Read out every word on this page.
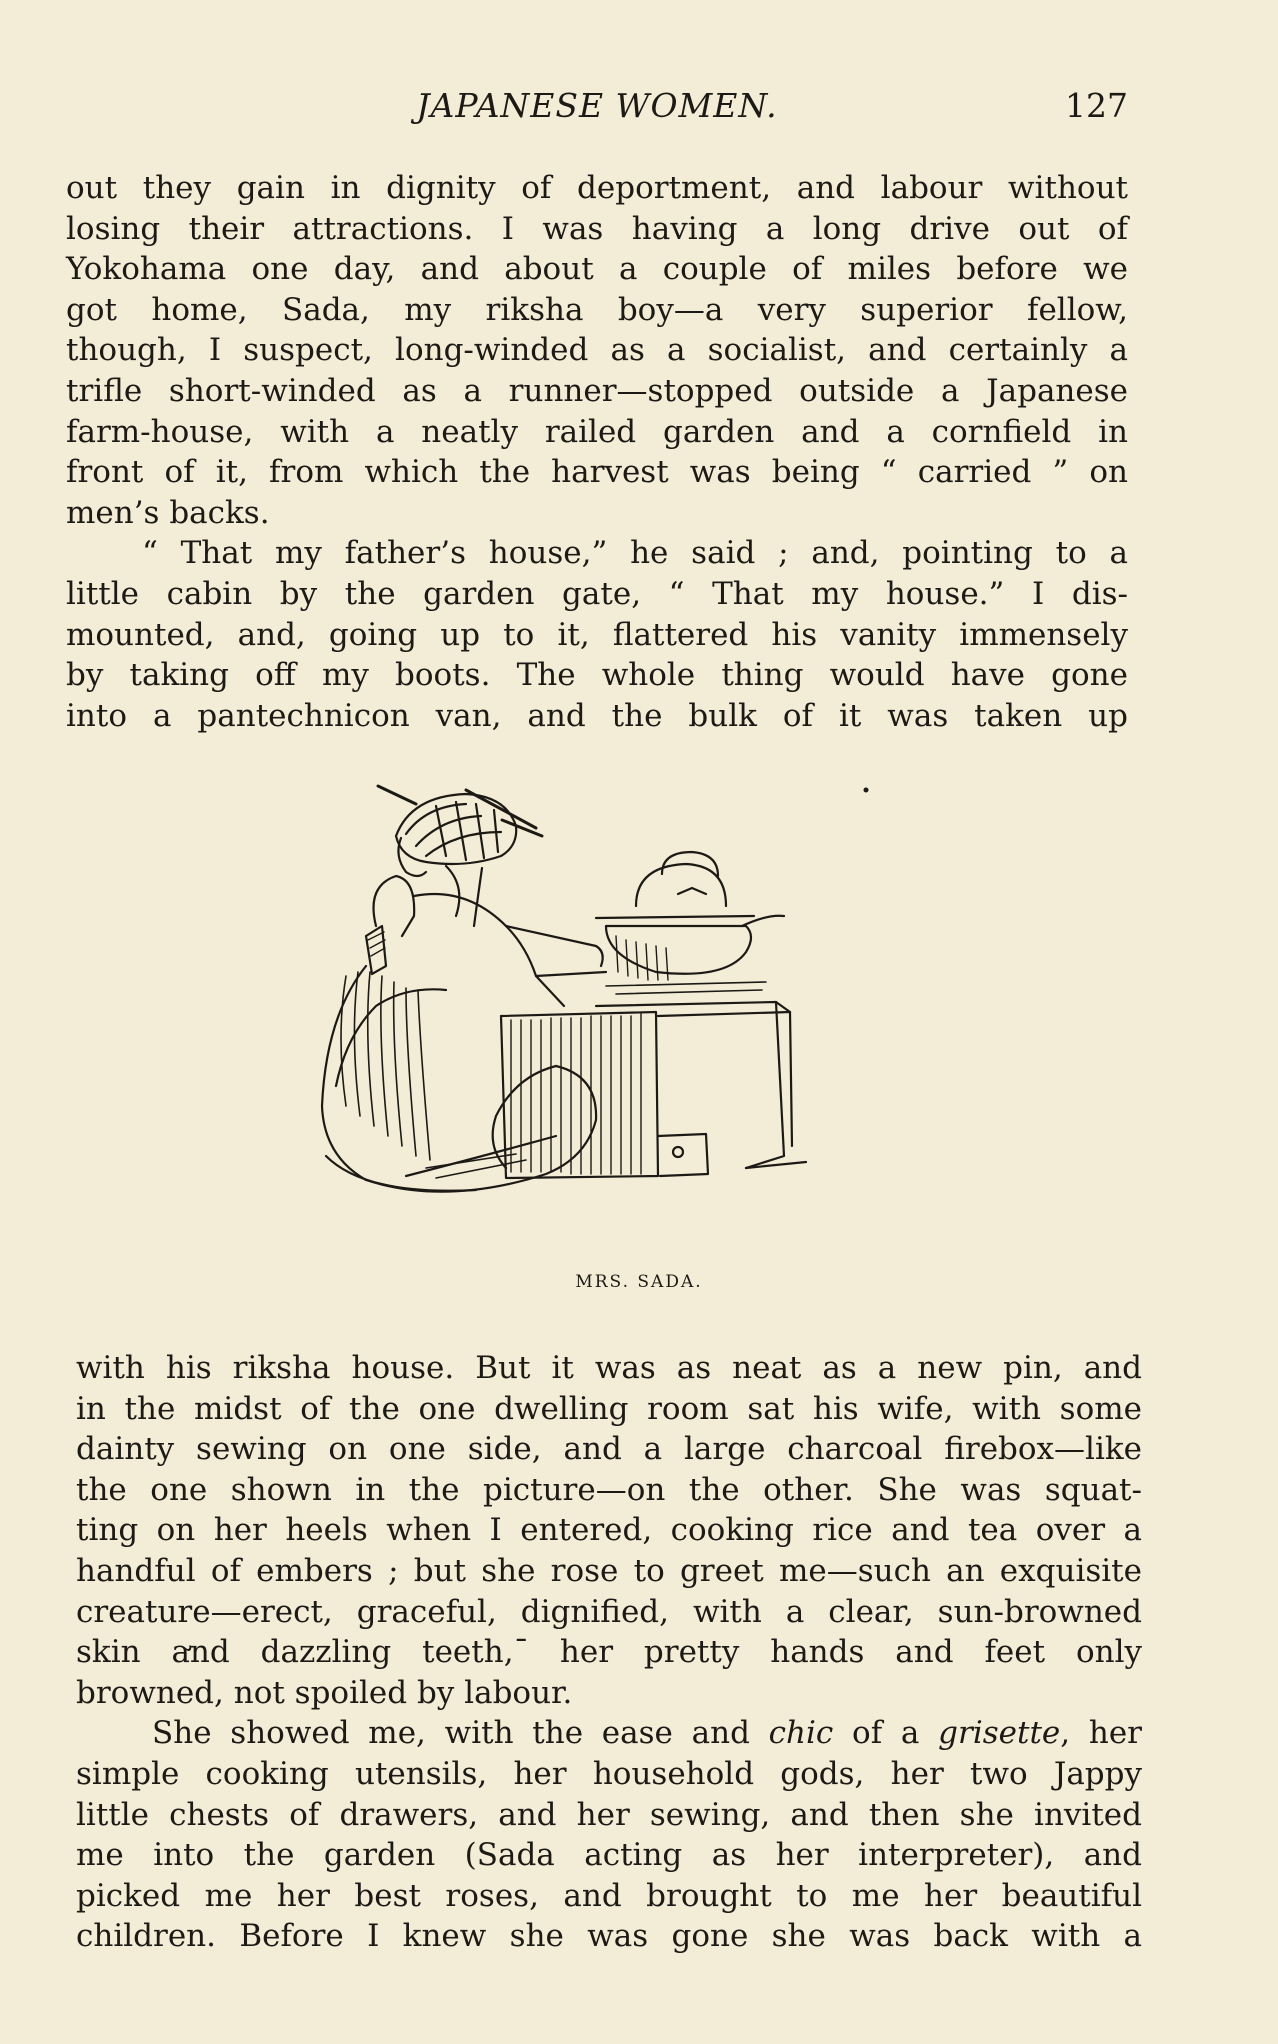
JAPANESE WOMEN.	127
out they gain in dignity of deportment, and labour without
losing their attractions. I was having a long drive out of
Yokohama one day, and about a couple of miles before we
got home, Sada, my riksha boy—a very superior fellow,
though, I suspect, long-winded as a socialist, and certainly a
trifle short-winded as a runner—stopped outside a Japanese
farm-house, with a neatly railed garden and a cornfield in
front of it, from which the harvest was being “ carried ” on
men’s backs.
“ That my father’s house,” he said ; and, pointing to a
little cabin by the garden gate, “ That my house.” I dis-
mounted, and, going up to it, flattered his vanity immensely
by taking off my boots. The whole thing would have gone
into a pantechnicon van, and the bulk of it was taken up
MRS. SADA.
with his riksha house. But it was as neat as a new pin, and
in the midst of the one dwelling room sat his wife, with some
dainty sewing on one side, and a large charcoal firebox—like
the one shown in the picture—on the other. She was squat-
ting on her heels when I entered, cooking rice and tea over a
handful of embers ; but she rose to greet me—such an exquisite
creature—erect, graceful, dignified, with a clear, sun-browned
skin a̛nd dazzling teeth,ˉ her pretty hands and feet only
browned, not spoiled by labour.
She showed me, with the ease and chic of a grisette, her
simple cooking utensils, her household gods, her two Jappy
little chests of drawers, and her sewing, and then she invited
me into the garden (Sada acting as her interpreter), and
picked me her best roses, and brought to me her beautiful
children. Before I knew she was gone she was back with a
